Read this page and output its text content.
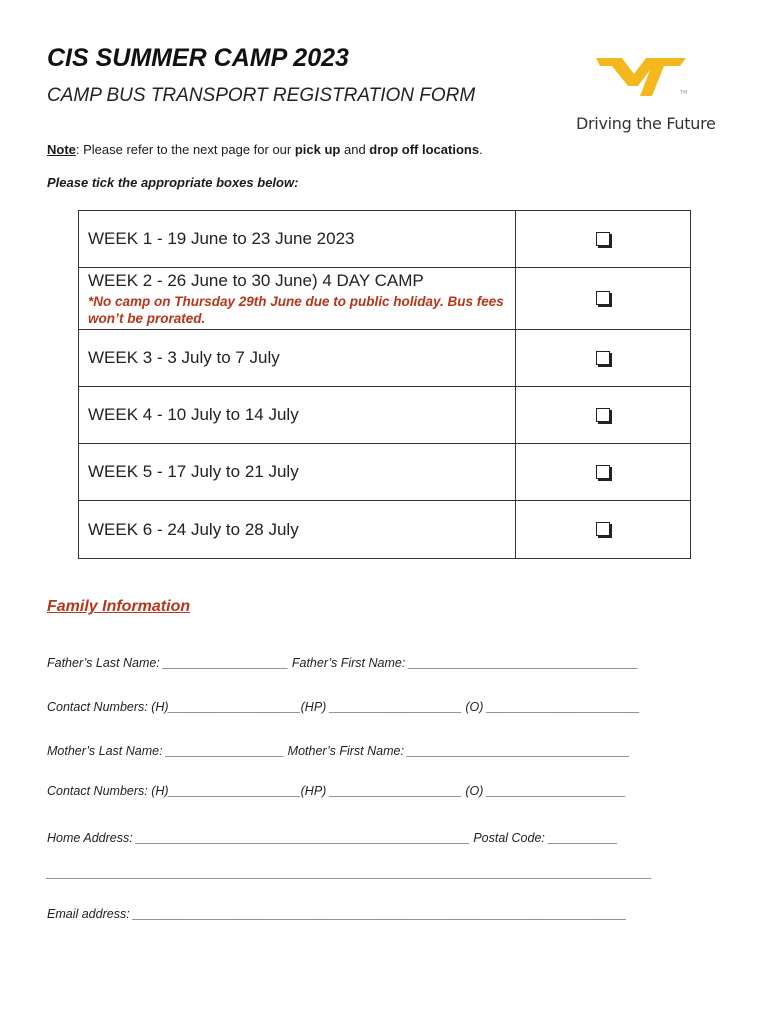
CIS SUMMER CAMP 2023
CAMP BUS TRANSPORT REGISTRATION FORM	TM
Driving the Future
Note: Please refer to the next page for our pick up and drop off locations.
Please tick the appropriate boxes below:
WEEK 1 - 19 June to 23 June 2023	

WEEK 2 - 26 June to 30 June) 4 DAY CAMP
*No camp on Thursday 29th June due to public holiday. Bus fees won’t be prorated.	

WEEK 3 - 3 July to 7 July	
WEEK 4 - 10 July to 14 July	
WEEK 5 - 17 July to 21 July	
WEEK 6 - 24 July to 28 July	
Family Information
Father’s Last Name: __________________ Father’s First Name: _________________________________
Contact Numbers: (H)___________________(HP) ___________________ (O) ______________________
Mother’s Last Name: _________________ Mother’s First Name: ________________________________
Contact Numbers: (H)___________________(HP) ___________________ (O) ____________________
Home Address: ________________________________________________ Postal Code: __________
_______________________________________________________________________________________
Email address: _______________________________________________________________________
